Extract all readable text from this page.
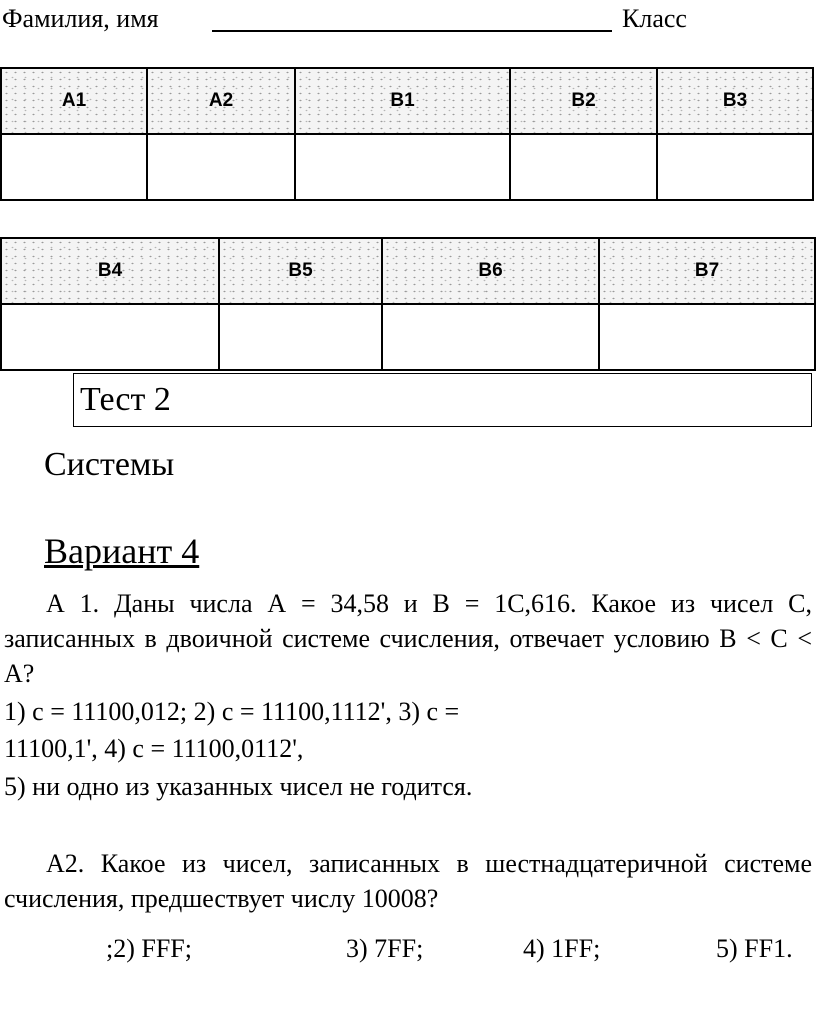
Фамилия, имя	Класс
A1	A2	B1	B2	B3

B4	B5	B6	B7

Тест 2
Системы
Вариант 4

А 1. Даны числа А = 34,58 и В = 1C,616. Какое из чисел С, записанных в двоичной системе счисления, отвечает условию В < С < А?

1) с = 11100,012; 2) с = 11100,1112', 3) с =
11100,1', 4) с = 11100,0112',
5) ни одно из указанных чисел не годится.

А2. Какое из чисел, записанных в шестнадцатеричной системе счисления, предшествует числу 10008?

;2) FFF;	3) 7FF;	4) 1FF;	5) FF1.
